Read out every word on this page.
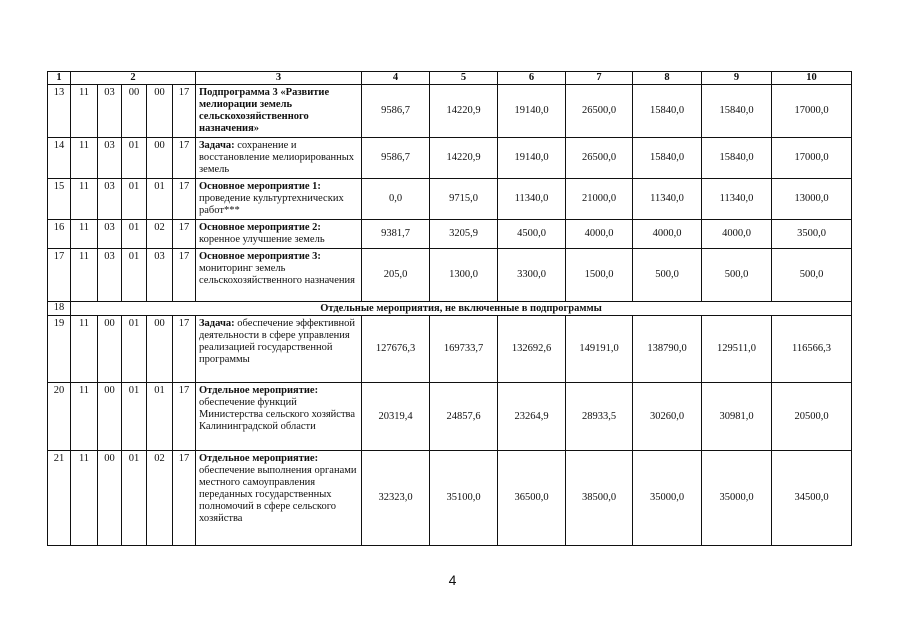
1	2					3	4	5	6	7	8	9	10
13	11	03	00	00	17	Подпрограмма 3 «Развитие мелиорации земель сельскохозяйственного назначения»	9586,7	14220,9	19140,0	26500,0	15840,0	15840,0	17000,0
14	11	03	01	00	17	Задача: сохранение и восстановление мелиорированных земель	9586,7	14220,9	19140,0	26500,0	15840,0	15840,0	17000,0
15	11	03	01	01	17	Основное мероприятие 1: проведение культуртехнических работ***	0,0	9715,0	11340,0	21000,0	11340,0	11340,0	13000,0
16	11	03	01	02	17	Основное мероприятие 2: коренное улучшение земель	9381,7	3205,9	4500,0	4000,0	4000,0	4000,0	3500,0
17	11	03	01	03	17	Основное мероприятие 3: мониторинг земель сельскохозяйственного назначения	205,0	1300,0	3300,0	1500,0	500,0	500,0	500,0
18	Отдельные мероприятия, не включенные в подпрограммы												
19	11	00	01	00	17	Задача: обеспечение эффективной деятельности в сфере управления реализацией государственной программы	127676,3	169733,7	132692,6	149191,0	138790,0	129511,0	116566,3
20	11	00	01	01	17	Отдельное мероприятие: обеспечение функций Министерства сельского хозяйства Калининградской области	20319,4	24857,6	23264,9	28933,5	30260,0	30981,0	20500,0
21	11	00	01	02	17	Отдельное мероприятие: обеспечение выполнения органами местного самоуправления переданных государственных полномочий в сфере сельского хозяйства	32323,0	35100,0	36500,0	38500,0	35000,0	35000,0	34500,0
4
